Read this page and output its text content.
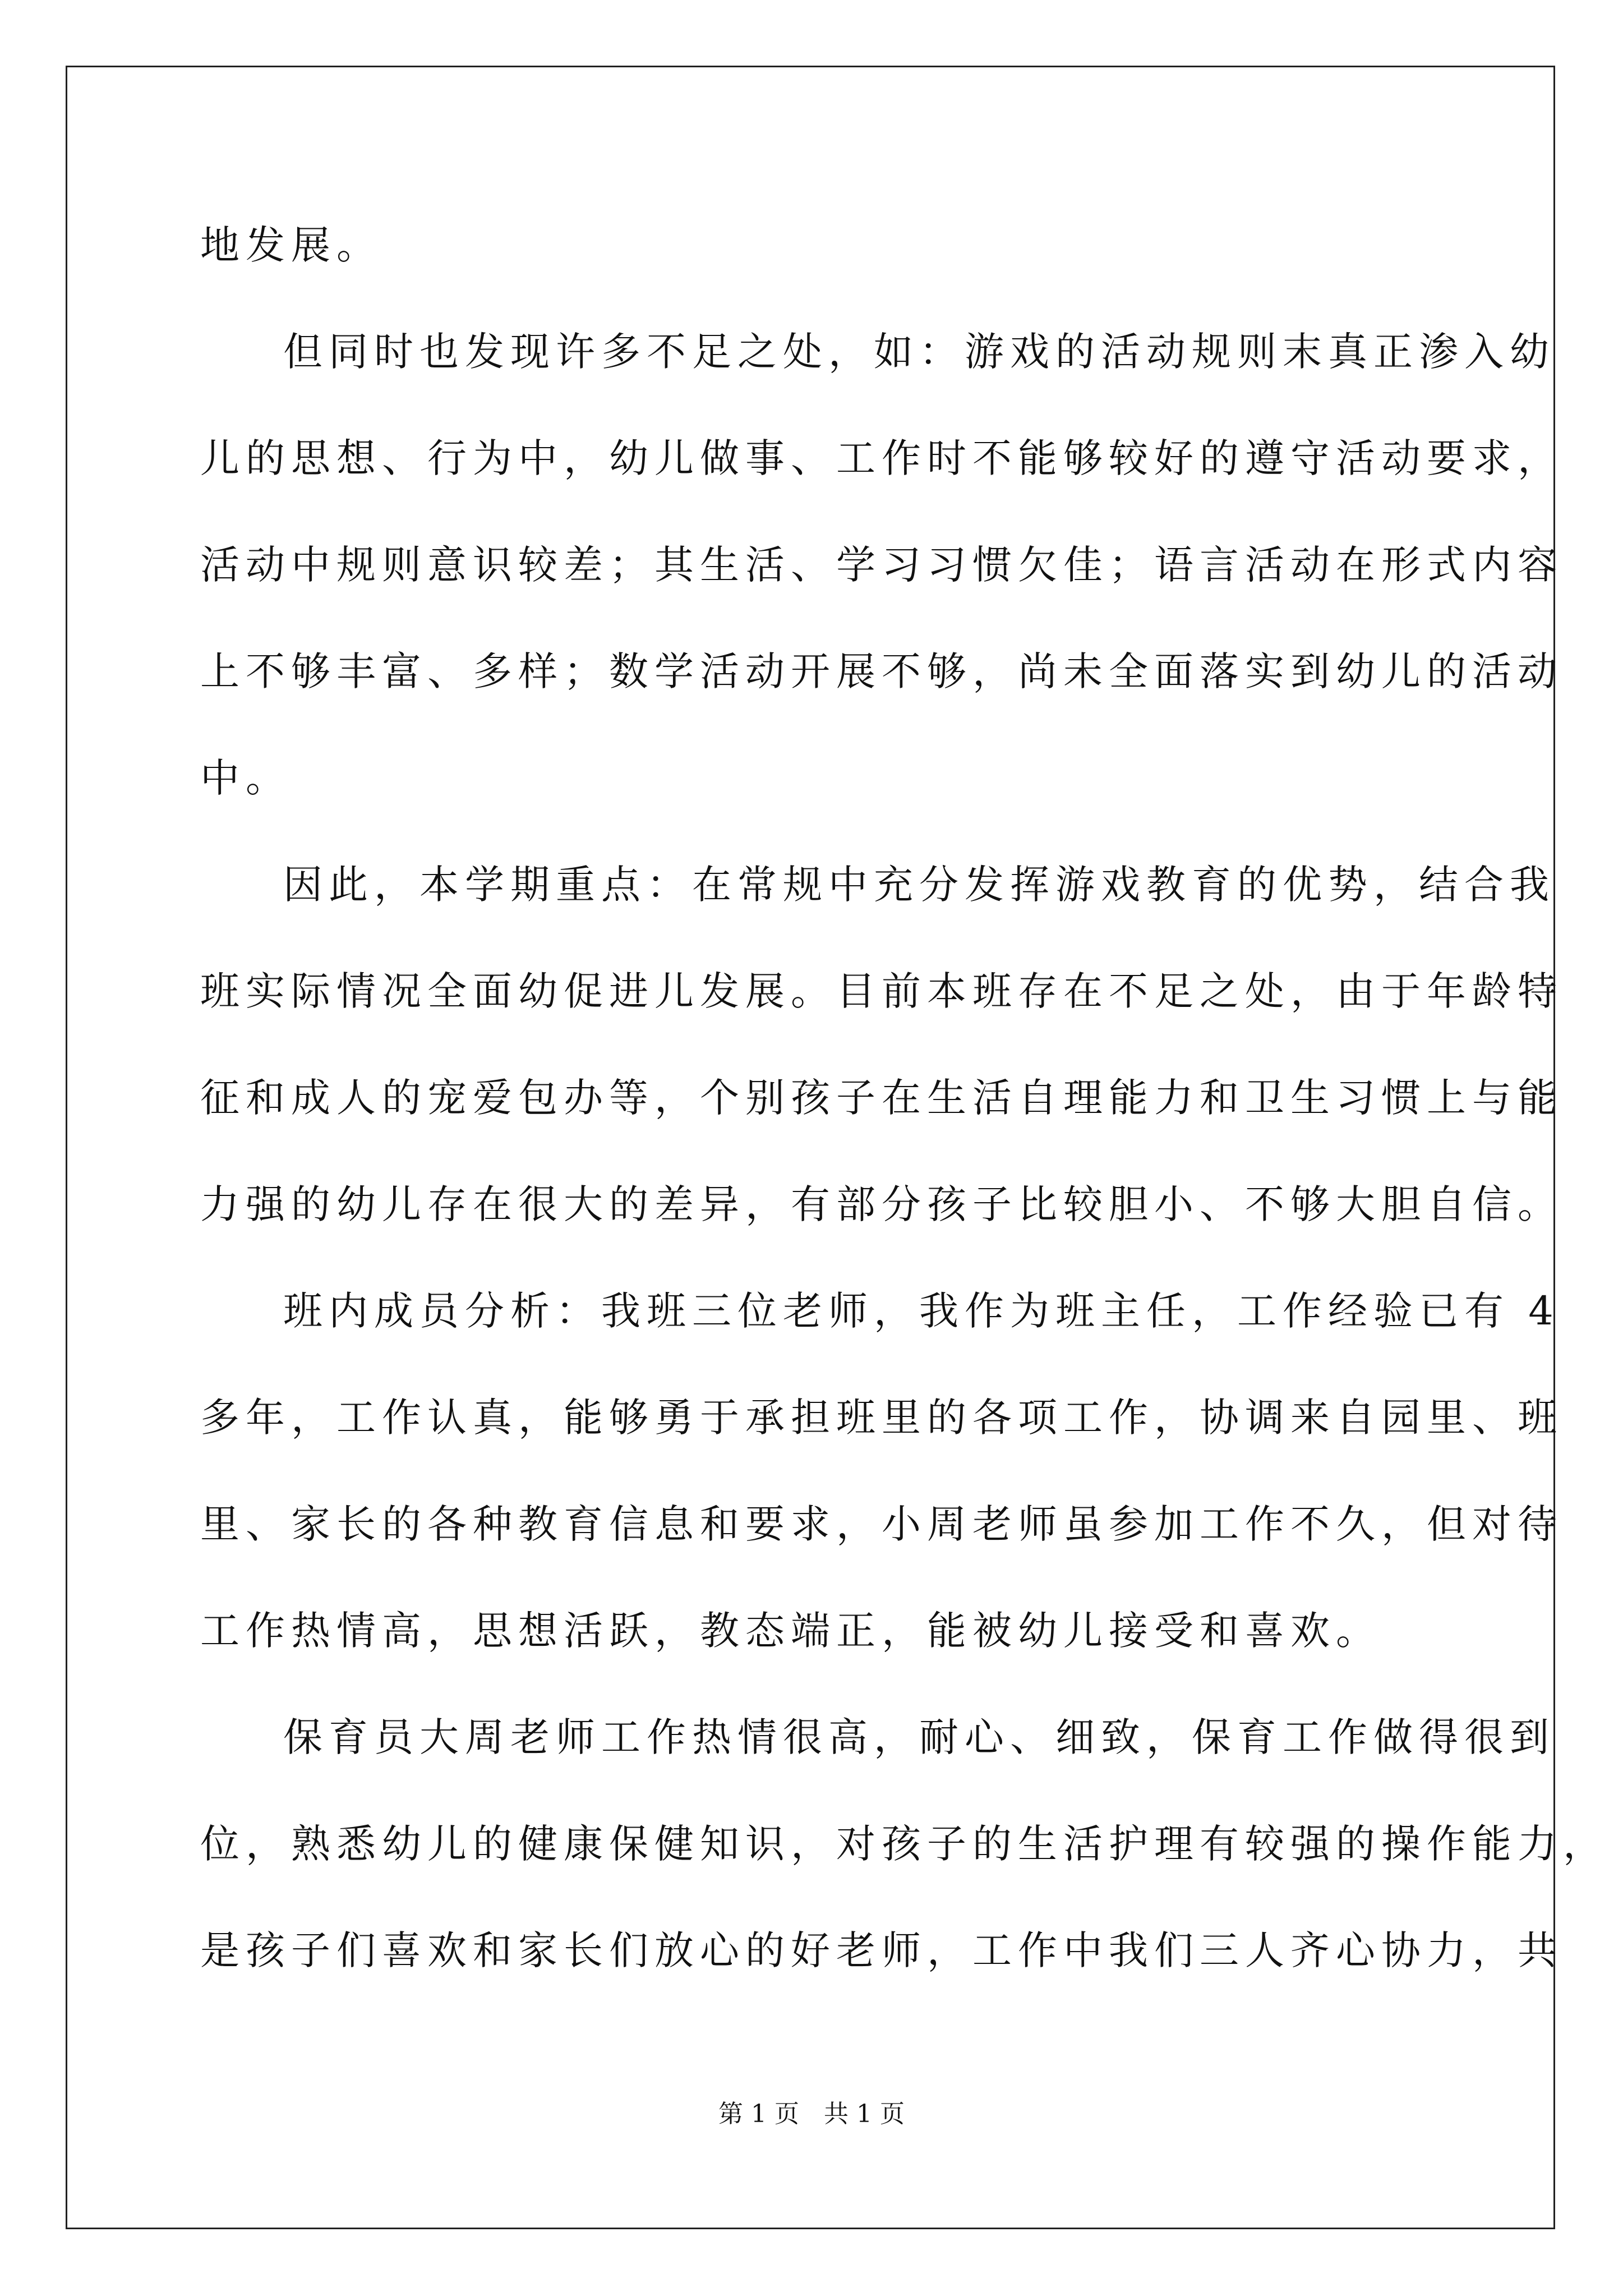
地发展。
但同时也发现许多不足之处，如：游戏的活动规则末真正渗入幼
儿的思想、行为中，幼儿做事、工作时不能够较好的遵守活动要求，
活动中规则意识较差；其生活、学习习惯欠佳；语言活动在形式内容
上不够丰富、多样；数学活动开展不够，尚未全面落实到幼儿的活动
中。
因此，本学期重点：在常规中充分发挥游戏教育的优势，结合我
班实际情况全面幼促进儿发展。目前本班存在不足之处，由于年龄特
征和成人的宠爱包办等，个别孩子在生活自理能力和卫生习惯上与能
力强的幼儿存在很大的差异，有部分孩子比较胆小、不够大胆自信。
班内成员分析：我班三位老师，我作为班主任，工作经验已有 4
多年，工作认真，能够勇于承担班里的各项工作，协调来自园里、班
里、家长的各种教育信息和要求，小周老师虽参加工作不久，但对待
工作热情高，思想活跃，教态端正，能被幼儿接受和喜欢。
保育员大周老师工作热情很高，耐心、细致，保育工作做得很到
位，熟悉幼儿的健康保健知识，对孩子的生活护理有较强的操作能力，
是孩子们喜欢和家长们放心的好老师，工作中我们三人齐心协力，共
第 1 页　共 1 页
